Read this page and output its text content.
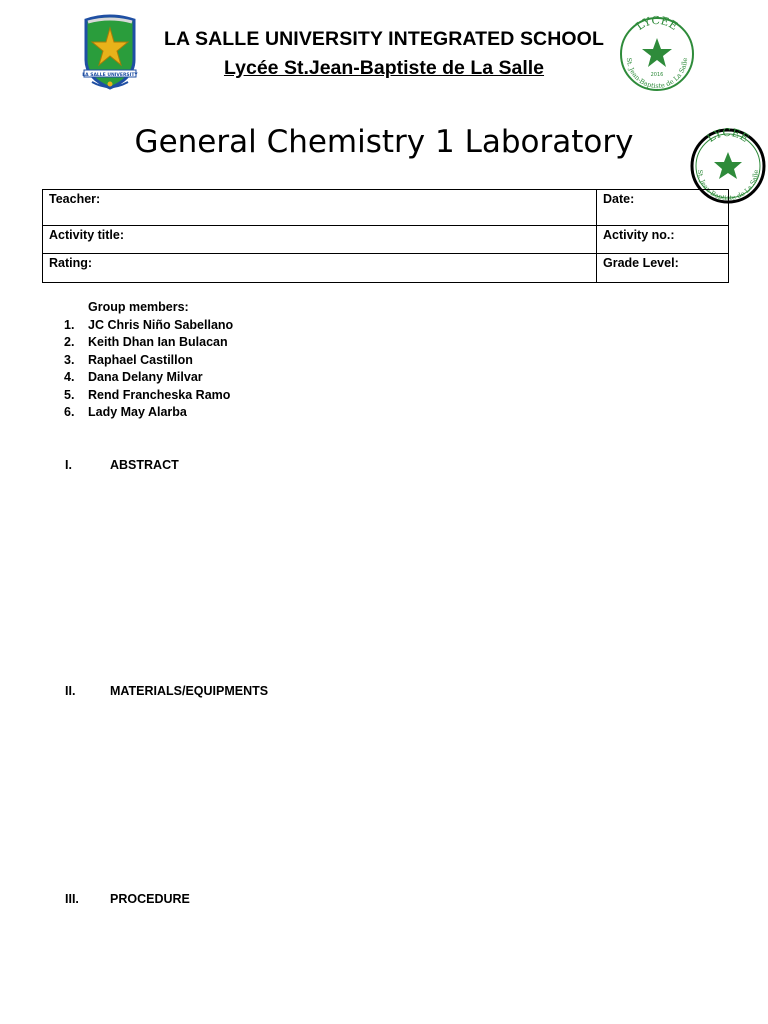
LA SALLE UNIVERSITY
LA SALLE UNIVERSITY INTEGRATED SCHOOL
Lycée St.Jean-Baptiste de La Salle
LYCEE
2016
St. Jean-Baptiste de La Salle
General Chemistry 1 Laboratory	LYCEE
St. Jean-Baptiste de La Salle
Teacher:	Date:
Activity title:	Activity no.:
Rating:	Grade Level:
Group members:
1. JC Chris Niño Sabellano
2. Keith Dhan Ian Bulacan
3. Raphael Castillon
4. Dana Delany Milvar
5. Rend Francheska Ramo
6. Lady May Alarba
I.	ABSTRACT
II.	MATERIALS/EQUIPMENTS
III. PROCEDURE
